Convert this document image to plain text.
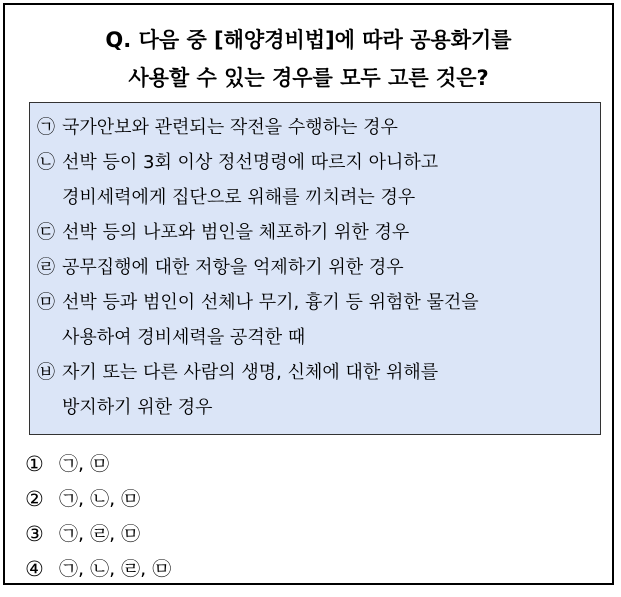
Q. 다음 중 [해양경비법]에 따라 공용화기를
사용할 수 있는 경우를 모두 고른 것은?
㉠ 국가안보와 관련되는 작전을 수행하는 경우
㉡ 선박 등이 3회 이상 정선명령에 따르지 아니하고
경비세력에게 집단으로 위해를 끼치려는 경우
㉢ 선박 등의 나포와 범인을 체포하기 위한 경우
㉣ 공무집행에 대한 저항을 억제하기 위한 경우
㉤ 선박 등과 범인이 선체나 무기, 흉기 등 위험한 물건을
사용하여 경비세력을 공격한 때
㉥ 자기 또는 다른 사람의 생명, 신체에 대한 위해를
방지하기 위한 경우
① ㉠, ㉤
② ㉠, ㉡, ㉤
③ ㉠, ㉣, ㉤
④ ㉠, ㉡, ㉣, ㉤
